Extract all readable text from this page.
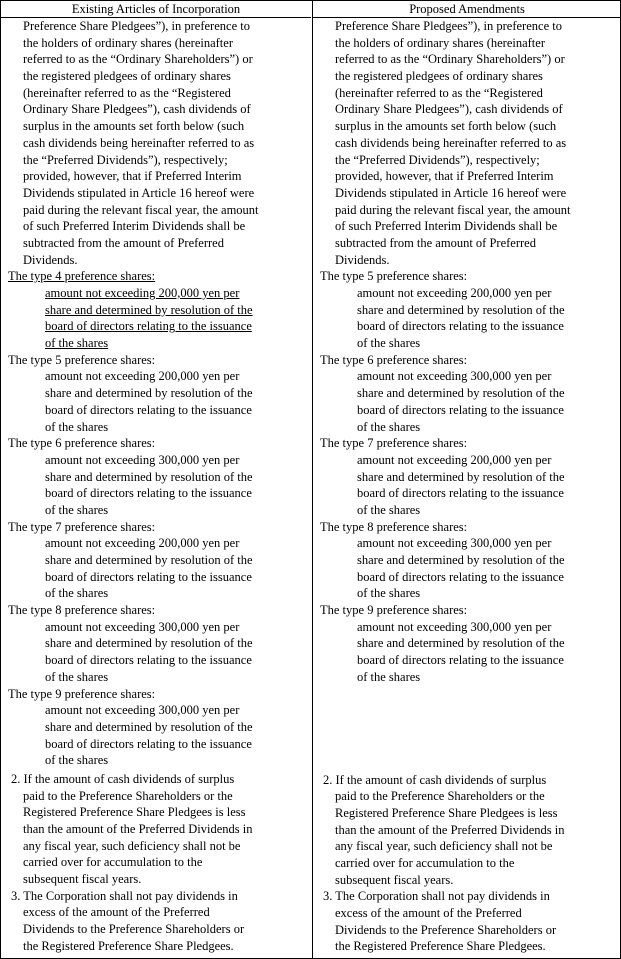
Existing Articles of Incorporation
Preference Share Pledgees”), in preference to
the holders of ordinary shares (hereinafter
referred to as the “Ordinary Shareholders”) or
the registered pledgees of ordinary shares
(hereinafter referred to as the “Registered
Ordinary Share Pledgees”), cash dividends of
surplus in the amounts set forth below (such
cash dividends being hereinafter referred to as
the “Preferred Dividends”), respectively;
provided, however, that if Preferred Interim
Dividends stipulated in Article 16 hereof were
paid during the relevant fiscal year, the amount
of such Preferred Interim Dividends shall be
subtracted from the amount of Preferred
Dividends.
The type 4 preference shares:
amount not exceeding 200,000 yen per
share and determined by resolution of the
board of directors relating to the issuance
of the shares
The type 5 preference shares:
amount not exceeding 200,000 yen per
share and determined by resolution of the
board of directors relating to the issuance
of the shares
The type 6 preference shares:
amount not exceeding 300,000 yen per
share and determined by resolution of the
board of directors relating to the issuance
of the shares
The type 7 preference shares:
amount not exceeding 200,000 yen per
share and determined by resolution of the
board of directors relating to the issuance
of the shares
The type 8 preference shares:
amount not exceeding 300,000 yen per
share and determined by resolution of the
board of directors relating to the issuance
of the shares
The type 9 preference shares:
amount not exceeding 300,000 yen per
share and determined by resolution of the
board of directors relating to the issuance
of the shares
2. If the amount of cash dividends of surplus
paid to the Preference Shareholders or the
Registered Preference Share Pledgees is less
than the amount of the Preferred Dividends in
any fiscal year, such deficiency shall not be
carried over for accumulation to the
subsequent fiscal years.
3. The Corporation shall not pay dividends in
excess of the amount of the Preferred
Dividends to the Preference Shareholders or
the Registered Preference Share Pledgees.
Proposed Amendments
Preference Share Pledgees”), in preference to
the holders of ordinary shares (hereinafter
referred to as the “Ordinary Shareholders”) or
the registered pledgees of ordinary shares
(hereinafter referred to as the “Registered
Ordinary Share Pledgees”), cash dividends of
surplus in the amounts set forth below (such
cash dividends being hereinafter referred to as
the “Preferred Dividends”), respectively;
provided, however, that if Preferred Interim
Dividends stipulated in Article 16 hereof were
paid during the relevant fiscal year, the amount
of such Preferred Interim Dividends shall be
subtracted from the amount of Preferred
Dividends.
The type 5 preference shares:
amount not exceeding 200,000 yen per
share and determined by resolution of the
board of directors relating to the issuance
of the shares
The type 6 preference shares:
amount not exceeding 300,000 yen per
share and determined by resolution of the
board of directors relating to the issuance
of the shares
The type 7 preference shares:
amount not exceeding 200,000 yen per
share and determined by resolution of the
board of directors relating to the issuance
of the shares
The type 8 preference shares:
amount not exceeding 300,000 yen per
share and determined by resolution of the
board of directors relating to the issuance
of the shares
The type 9 preference shares:
amount not exceeding 300,000 yen per
share and determined by resolution of the
board of directors relating to the issuance
of the shares
2. If the amount of cash dividends of surplus
paid to the Preference Shareholders or the
Registered Preference Share Pledgees is less
than the amount of the Preferred Dividends in
any fiscal year, such deficiency shall not be
carried over for accumulation to the
subsequent fiscal years.
3. The Corporation shall not pay dividends in
excess of the amount of the Preferred
Dividends to the Preference Shareholders or
the Registered Preference Share Pledgees.
